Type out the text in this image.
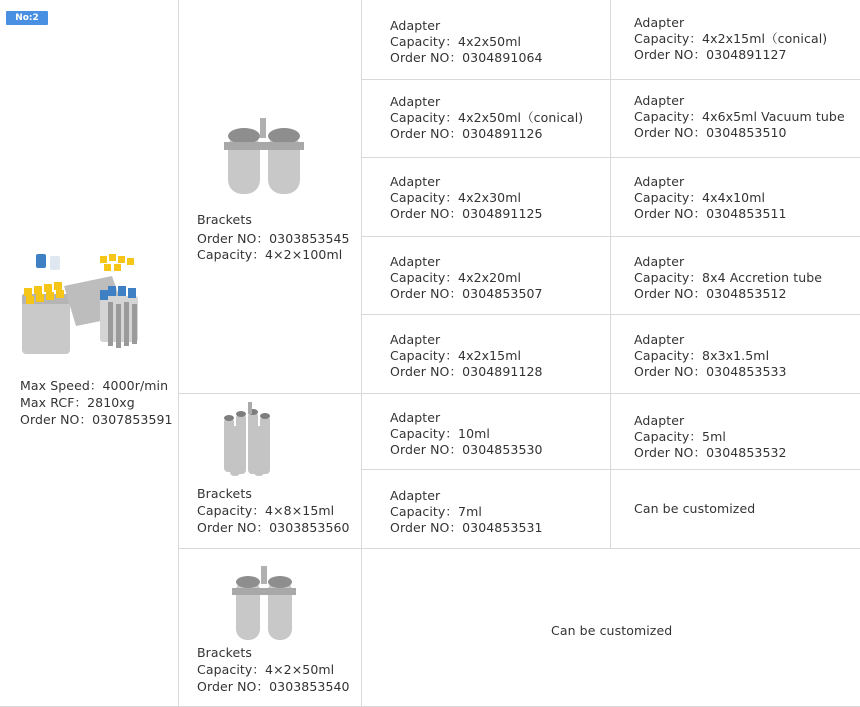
No:2
Max Speed：4000r/min
Max RCF：2810xg
Order NO：0307853591
Brackets
Order NO：0303853545
Capacity：4×2×100ml
Brackets
Capacity：4×8×15ml
Order NO：0303853560
Brackets
Capacity：4×2×50ml
Order NO：0303853540
Adapter
Capacity：4x2x50ml
Order NO：0304891064
Adapter
Capacity：4x2x15ml（conical)
Order NO：0304891127
Adapter
Capacity：4x2x50ml（conical)
Order NO：0304891126
Adapter
Capacity：4x6x5ml Vacuum tube
Order NO：0304853510
Adapter
Capacity：4x2x30ml
Order NO：0304891125
Adapter
Capacity：4x4x10ml
Order NO：0304853511
Adapter
Capacity：4x2x20ml
Order NO：0304853507
Adapter
Capacity：8x4 Accretion tube
Order NO：0304853512
Adapter
Capacity：4x2x15ml
Order NO：0304891128
Adapter
Capacity：8x3x1.5ml
Order NO：0304853533
Adapter
Capacity：10ml
Order NO：0304853530
Adapter
Capacity：5ml
Order NO：0304853532
Adapter
Capacity：7ml
Order NO：0304853531
Can be customized
Can be customized
